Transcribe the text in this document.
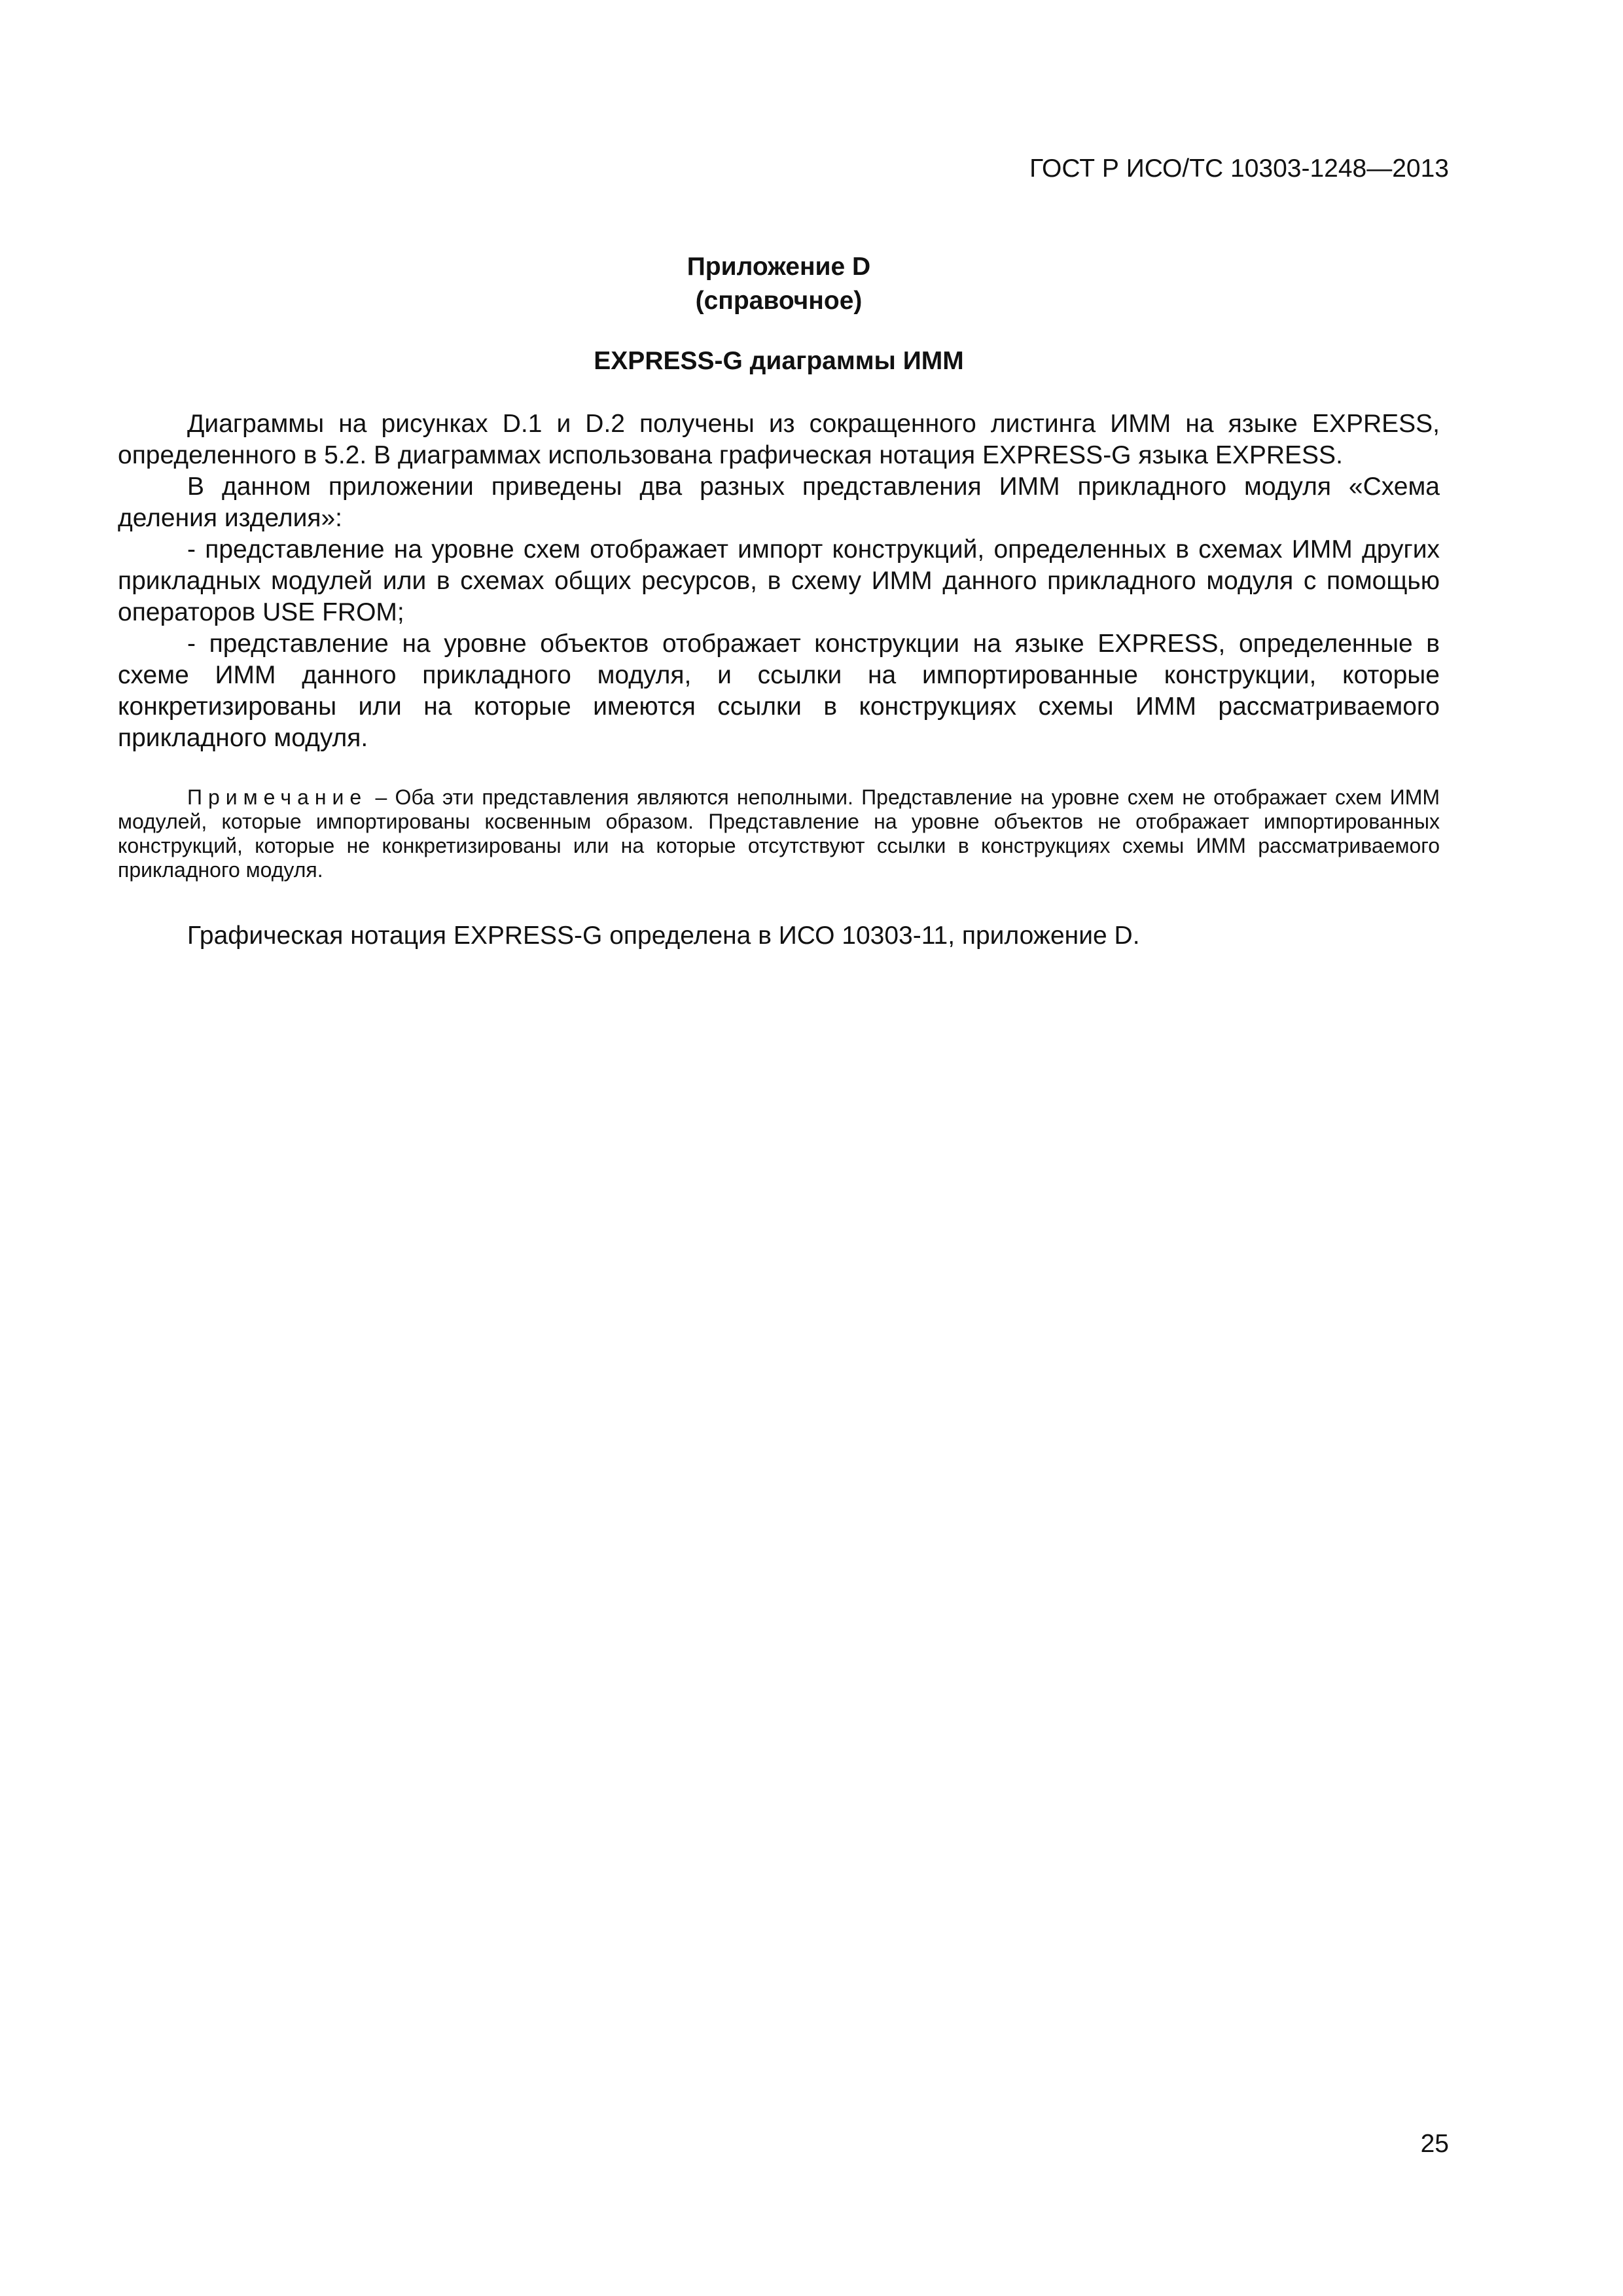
ГОСТ Р ИСО/ТС 10303-1248—2013
Приложение D
(справочное)
EXPRESS-G диаграммы ИММ

Диаграммы на рисунках D.1 и D.2 получены из сокращенного листинга ИММ на языке EXPRESS, определенного в 5.2. В диаграммах использована графическая нотация EXPRESS-G языка EXPRESS.

В данном приложении приведены два разных представления ИММ прикладного модуля «Схема деления изделия»:

- представление на уровне схем отображает импорт конструкций, определенных в схемах ИММ других прикладных модулей или в схемах общих ресурсов, в схему ИММ данного прикладного модуля с помощью операторов USE FROM;

- представление на уровне объектов отображает конструкции на языке EXPRESS, определенные в схеме ИММ данного прикладного модуля, и ссылки на импортированные конструкции, которые конкретизированы или на которые имеются ссылки в конструкциях схемы ИММ рассматриваемого прикладного модуля.

Примечание – Оба эти представления являются неполными. Представление на уровне схем не отображает схем ИММ модулей, которые импортированы косвенным образом. Представление на уровне объектов не отображает импортированных конструкций, которые не конкретизированы или на которые отсутствуют ссылки в конструкциях схемы ИММ рассматриваемого прикладного модуля.
Графическая нотация EXPRESS-G определена в ИСО 10303-11, приложение D.
25
